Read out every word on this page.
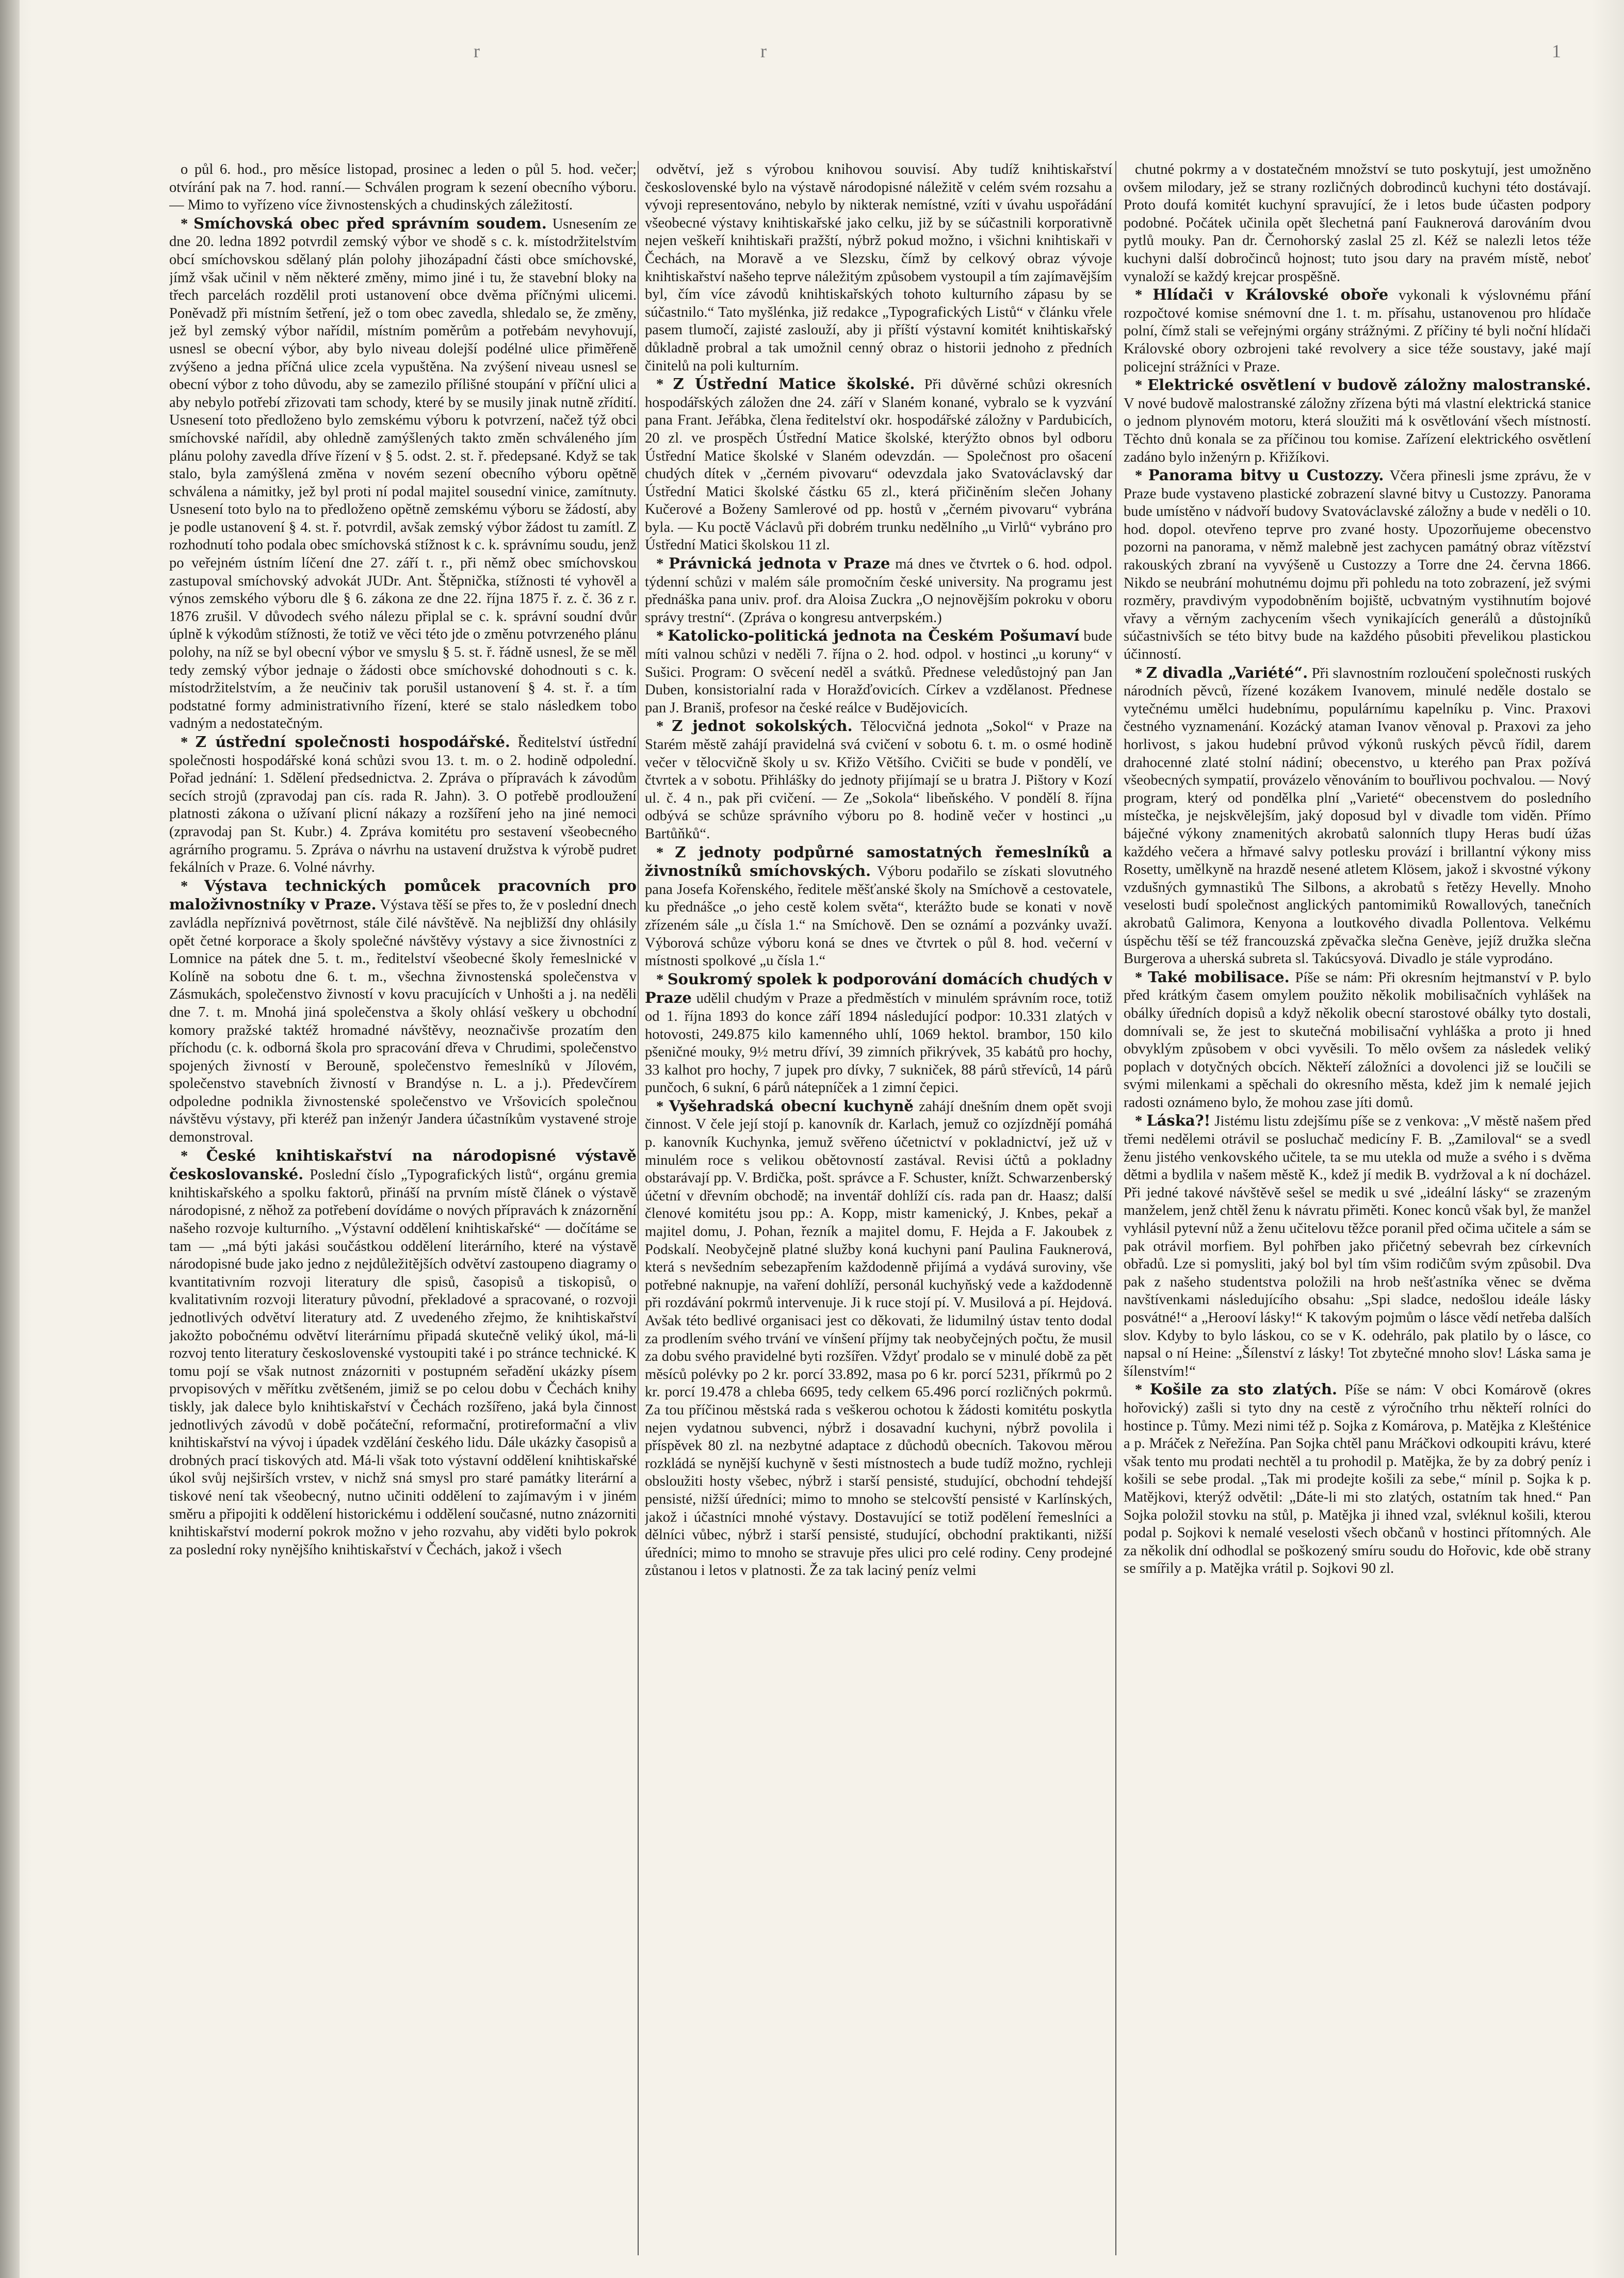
r	r	1

o půl 6. hod., pro měsíce listopad, prosinec a leden o půl 5. hod. večer; otvírání pak na 7. hod. ranní.— Schválen program k sezení obecního výboru.— Mimo to vyřízeno více živnostenských a chudinských záležitostí.

* Smíchovská obec před správním soudem. Usnesením ze dne 20. ledna 1892 potvrdil zemský výbor ve shodě s c. k. místodržitelstvím obcí smíchovskou sdělaný plán polohy jihozápadní části obce smíchovské, jímž však učinil v něm některé změny, mimo jiné i tu, že stavební bloky na třech parcelách rozdělil proti ustanovení obce dvěma příčnými ulicemi. Poněvadž při místním šetření, jež o tom obec zavedla, shledalo se, že změny, jež byl zemský výbor nařídil, místním poměrům a potřebám nevyhovují, usnesl se obecní výbor, aby bylo niveau dolejší podélné ulice přiměřeně zvýšeno a jedna příčná ulice zcela vypuštěna. Na zvýšení niveau usnesl se obecní výbor z toho důvodu, aby se zamezilo přílišné stoupání v příční ulici a aby nebylo potřebí zřizovati tam schody, které by se musily jinak nutně zřídití. Usnesení toto předloženo bylo zemskému výboru k potvrzení, načež týž obci smíchovské nařídil, aby ohledně zamýšlených takto změn schváleného jím plánu polohy zavedla dříve řízení v § 5. odst. 2. st. ř. předepsané. Když se tak stalo, byla zamýšlená změna v novém sezení obecního výboru opětně schválena a námitky, jež byl proti ní podal majitel sousední vinice, zamítnuty. Usnesení toto bylo na to předloženo opětně zemskému výboru se žádostí, aby je podle ustanovení § 4. st. ř. potvrdil, avšak zemský výbor žádost tu zamítl. Z rozhodnutí toho podala obec smíchovská stížnost k c. k. správnímu soudu, jenž po veřejném ústním líčení dne 27. září t. r., při němž obec smíchovskou zastupoval smíchovský advokát JUDr. Ant. Štěpnička, stížnosti té vyhověl a výnos zemského výboru dle § 6. zákona ze dne 22. října 1875 ř. z. č. 36 z r. 1876 zrušil. V důvodech svého nálezu připlal se c. k. správní soudní dvůr úplně k výkodům stížnosti, že totiž ve věci této jde o změnu potvrzeného plánu polohy, na níž se byl obecní výbor ve smyslu § 5. st. ř. řádně usnesl, že se měl tedy zemský výbor jednaje o žádosti obce smíchovské dohodnouti s c. k. místodržitelstvím, a že neučiniv tak porušil ustanovení § 4. st. ř. a tím podstatné formy administrativního řízení, které se stalo následkem tobo vadným a nedostatečným.

* Z ústřední společnosti hospodářské. Ředitelství ústřední společnosti hospodářské koná schůzi svou 13. t. m. o 2. hodině odpolední. Pořad jednání: 1. Sdělení předsednictva. 2. Zpráva o přípravách k závodům secích strojů (zpravodaj pan cís. rada R. Jahn). 3. O potřebě prodloužení platnosti zákona o užívaní plicní nákazy a rozšíření jeho na jiné nemoci (zpravodaj pan St. Kubr.) 4. Zpráva komitétu pro sestavení všeobecného agrárního programu. 5. Zpráva o návrhu na ustavení družstva k výrobě pudret fekálních v Praze. 6. Volné návrhy.

* Výstava technických pomůcek pracovních pro maloživnostníky v Praze. Výstava těší se přes to, že v poslední dnech zavládla nepříznivá povětrnost, stále čilé návštěvě. Na nejbližší dny ohlásily opět četné korporace a školy společné návštěvy výstavy a sice živnostníci z Lomnice na pátek dne 5. t. m., ředitelství všeobecné školy řemeslnické v Kolíně na sobotu dne 6. t. m., všechna živnostenská společenstva v Zásmukách, společenstvo živností v kovu pracujících v Unhošti a j. na neděli dne 7. t. m. Mnohá jiná společenstva a školy ohlásí veškery u obchodní komory pražské taktéž hromadné návštěvy, neoznačivše prozatím den příchodu (c. k. odborná škola pro spracování dřeva v Chrudimi, společenstvo spojených živností v Berouně, společenstvo řemeslníků v Jílovém, společenstvo stavebních živností v Brandýse n. L. a j.). Předevčírem odpoledne podnikla živnostenské společenstvo ve Vršovicích společnou návštěvu výstavy, při kteréž pan inženýr Jandera účastníkům vystavené stroje demonstroval.

* České knihtiskařství na národopisné výstavě českoslovanské. Poslední číslo „Typografických listů“, orgánu gremia knihtiskařského a spolku faktorů, přináší na prvním místě článek o výstavě národopisné, z něhož za potřebení dovídáme o nových přípravách k znázornění našeho rozvoje kulturního. „Výstavní oddělení knihtiskařské“ — dočítáme se tam — „má býti jakási součástkou oddělení literárního, které na výstavě národopisné bude jako jedno z nejdůležitějších odvětví zastoupeno diagramy o kvantitativním rozvoji literatury dle spisů, časopisů a tiskopisů, o kvalitativním rozvoji literatury původní, překladové a spracované, o rozvoji jednotlivých odvětví literatury atd. Z uvedeného zřejmo, že knihtiskařství jakožto pobočnému odvětví literárnímu připadá skutečně veliký úkol, má-li rozvoj tento literatury československé vystoupiti také i po stránce technické. K tomu pojí se však nutnost znázorniti v postupném seřadění ukázky písem prvopisových v měřítku zvětšeném, jimiž se po celou dobu v Čechách knihy tiskly, jak dalece bylo knihtiskařství v Čechách rozšířeno, jaká byla činnost jednotlivých závodů v době počáteční, reformační, protireformační a vliv knihtiskařství na vývoj i úpadek vzdělání českého lidu. Dále ukázky časopisů a drobných prací tiskových atd. Má-li však toto výstavní oddělení knihtiskařské úkol svůj nejširších vrstev, v nichž sná smysl pro staré památky literární a tiskové není tak všeobecný, nutno učiniti oddělení to zajímavým i v jiném směru a připojiti k oddělení historickému i oddělení současné, nutno znázorniti knihtiskařství moderní pokrok možno v jeho rozvahu, aby viděti bylo pokrok za poslední roky nynějšího knihtiskařství v Čechách, jakož i všech

odvětví, jež s výrobou knihovou souvisí. Aby tudíž knihtiskařství československé bylo na výstavě národopisné náležitě v celém svém rozsahu a vývoji representováno, nebylo by nikterak nemístné, vzíti v úvahu uspořádání všeobecné výstavy knihtiskařské jako celku, již by se súčastnili korporativně nejen veškeří knihtiskaři pražští, nýbrž pokud možno, i všichni knihtiskaři v Čechách, na Moravě a ve Slezsku, čímž by celkový obraz vývoje knihtiskařství našeho teprve náležitým způsobem vystoupil a tím zajímavějším byl, čím více závodů knihtiskařských tohoto kulturního zápasu by se súčastnilo.“ Tato myšlénka, již redakce „Typografických Listů“ v článku vřele pasem tlumočí, zajisté zaslouží, aby ji příští výstavní komitét knihtiskařský důkladně probral a tak umožnil cenný obraz o historii jednoho z předních činitelů na poli kulturním.

* Z Ústřední Matice školské. Při důvěrné schůzi okresních hospodářských záložen dne 24. září v Slaném konané, vybralo se k vyzvání pana Frant. Jeřábka, člena ředitelství okr. hospodářské záložny v Pardubicích, 20 zl. ve prospěch Ústřední Matice školské, kterýžto obnos byl odboru Ústřední Matice školské v Slaném odevzdán. — Společnost pro ošacení chudých dítek v „černém pivovaru“ odevzdala jako Svatováclavský dar Ústřední Matici školské částku 65 zl., která přičiněním slečen Johany Kučerové a Boženy Samlerové od pp. hostů v „černém pivovaru“ vybrána byla. — Ku poctě Václavů při dobrém trunku nedělního „u Virlů“ vybráno pro Ústřední Matici školskou 11 zl.

* Právnická jednota v Praze má dnes ve čtvrtek o 6. hod. odpol. týdenní schůzi v malém sále promočním české university. Na programu jest přednáška pana univ. prof. dra Aloisa Zuckra „O nejnovějším pokroku v oboru správy trestní“. (Zpráva o kongresu antverpském.)

* Katolicko-politická jednota na Českém Pošumaví bude míti valnou schůzi v neděli 7. října o 2. hod. odpol. v hostinci „u koruny“ v Sušici. Program: O svěcení neděl a svátků. Přednese veledůstojný pan Jan Duben, konsistorialní rada v Horažďovicích. Církev a vzdělanost. Přednese pan J. Braniš, profesor na české reálce v Budějovicích.

* Z jednot sokolských. Tělocvičná jednota „Sokol“ v Praze na Starém městě zahájí pravidelná svá cvičení v sobotu 6. t. m. o osmé hodině večer v tělocvičně školy u sv. Křižo Většího. Cvičiti se bude v pondělí, ve čtvrtek a v sobotu. Přihlášky do jednoty přijímají se u bratra J. Pištory v Kozí ul. č. 4 n., pak při cvičení. — Ze „Sokola“ libeňského. V pondělí 8. října odbývá se schůze správního výboru po 8. hodině večer v hostinci „u Bartůňků“.

* Z jednoty podpůrné samostatných řemeslníků a živnostníků smíchovských. Výboru podařilo se získati slovutného pana Josefa Kořenského, ředitele měšťanské školy na Smíchově a cestovatele, ku přednášce „o jeho cestě kolem světa“, kterážto bude se konati v nově zřízeném sále „u čísla 1.“ na Smíchově. Den se oznámí a pozvánky uvaží. Výborová schůze výboru koná se dnes ve čtvrtek o půl 8. hod. večerní v místnosti spolkové „u čísla 1.“

* Soukromý spolek k podporování domácích chudých v Praze udělil chudým v Praze a předměstích v minulém správním roce, totiž od 1. října 1893 do konce září 1894 následující podpor: 10.331 zlatých v hotovosti, 249.875 kilo kamenného uhlí, 1069 hektol. brambor, 150 kilo pšeničné mouky, 9½ metru dříví, 39 zimních přikrývek, 35 kabátů pro hochy, 33 kalhot pro hochy, 7 jupek pro dívky, 7 sukniček, 88 párů střevíců, 14 párů punčoch, 6 sukní, 6 párů nátepníček a 1 zimní čepici.

* Vyšehradská obecní kuchyně zahájí dnešním dnem opět svoji činnost. V čele její stojí p. kanovník dr. Karlach, jemuž co ozjízdnějí pomáhá p. kanovník Kuchynka, jemuž svěřeno účetnictví v pokladnictví, jež už v minulém roce s velikou obětovností zastával. Revisi účtů a pokladny obstarávají pp. V. Brdička, pošt. správce a F. Schuster, knížt. Schwarzenberský účetní v dřevním obchodě; na inventář dohlíží cís. rada pan dr. Haasz; další členové komitétu jsou pp.: A. Kopp, mistr kamenický, J. Knbes, pekař a majitel domu, J. Pohan, řezník a majitel domu, F. Hejda a F. Jakoubek z Podskalí. Neobyčejně platné služby koná kuchyni paní Paulina Fauknerová, která s nevšedním sebezapřením každodenně přijímá a vydává suroviny, vše potřebné naknupje, na vaření dohlíží, personál kuchyňský vede a každodenně při rozdávání pokrmů intervenuje. Ji k ruce stojí pí. V. Musilová a pí. Hejdová. Avšak této bedlivé organisaci jest co děkovati, že lidumilný ústav tento dodal za prodlením svého trvání ve vínšení příjmy tak neobyčejných počtu, že musil za dobu svého pravidelné byti rozšířen. Vždyť prodalo se v minulé době za pět měsíců polévky po 2 kr. porcí 33.892, masa po 6 kr. porcí 5231, příkrmů po 2 kr. porcí 19.478 a chleba 6695, tedy celkem 65.496 porcí rozličných pokrmů. Za tou příčinou městská rada s veškerou ochotou k žádosti komitétu poskytla nejen vydatnou subvenci, nýbrž i dosavadní kuchyni, nýbrž povolila i příspěvek 80 zl. na nezbytné adaptace z důchodů obecních. Takovou měrou rozkládá se nynější kuchyně v šesti místnostech a bude tudíž možno, rychleji obsloužiti hosty všebec, nýbrž i starší pensisté, studující, obchodní tehdejší pensisté, nižší úředníci; mimo to mnoho se stelcovští pensisté v Karlínských, jakož i účastníci mnohé výstavy. Dostavující se totiž podělení řemeslníci a dělníci vůbec, nýbrž i starší pensisté, studující, obchodní praktikanti, nižší úředníci; mimo to mnoho se stravuje přes ulici pro celé rodiny. Ceny prodejné zůstanou i letos v platnosti. Že za tak laciný peníz velmi

chutné pokrmy a v dostatečném množství se tuto poskytují, jest umožněno ovšem milodary, jež se strany rozličných dobrodinců kuchyni této dostávají. Proto doufá komitét kuchyní spravující, že i letos bude účasten podpory podobné. Počátek učinila opět šlechetná paní Fauknerová darováním dvou pytlů mouky. Pan dr. Černohorský zaslal 25 zl. Kéž se nalezli letos téže kuchyni další dobročinců hojnost; tuto jsou dary na pravém místě, neboť vynaloží se každý krejcar prospěšně.

* Hlídači v Královské oboře vykonali k výslovnému přání rozpočtové komise snémovní dne 1. t. m. přísahu, ustanovenou pro hlídače polní, čímž stali se veřejnými orgány strážnými. Z příčiny té byli noční hlídači Královské obory ozbrojeni také revolvery a sice téže soustavy, jaké mají policejní strážníci v Praze.

* Elektrické osvětlení v budově záložny malostranské. V nové budově malostranské záložny zřízena býti má vlastní elektrická stanice o jednom plynovém motoru, která sloužiti má k osvětlování všech místností. Těchto dnů konala se za příčinou tou komise. Zařízení elektrického osvětlení zadáno bylo inženýrn p. Křižíkovi.

* Panorama bitvy u Custozzy. Včera přinesli jsme zprávu, že v Praze bude vystaveno plastické zobrazení slavné bitvy u Custozzy. Panorama bude umístěno v nádvoří budovy Svatováclavské záložny a bude v neděli o 10. hod. dopol. otevřeno teprve pro zvané hosty. Upozorňujeme obecenstvo pozorni na panorama, v němž malebně jest zachycen památný obraz vítězství rakouských zbraní na vyvýšeně u Custozzy a Torre dne 24. června 1866. Nikdo se neubrání mohutnému dojmu při pohledu na toto zobrazení, jež svými rozměry, pravdivým vypodobněním bojiště, ucbvatným vystihnutím bojové vřavy a věrným zachycením všech vynikajících generálů a důstojníků súčastnivších se této bitvy bude na každého působiti převelikou plastickou účinností.

* Z divadla „Variété“. Při slavnostním rozloučení společnosti ruských národních pěvců, řízené kozákem Ivanovem, minulé neděle dostalo se vytečnému umělci hudebnímu, populárnímu kapelníku p. Vinc. Praxovi čestného vyznamenání. Kozácký ataman Ivanov věnoval p. Praxovi za jeho horlivost, s jakou hudební průvod výkonů ruských pěvců řídil, darem drahocenné zlaté stolní nádiní; obecenstvo, u kterého pan Prax požívá všeobecných sympatií, provázelo věnováním to bouřlivou pochvalou. — Nový program, který od pondělka plní „Varieté“ obecenstvem do posledního místečka, je nejskvělejším, jaký doposud byl v divadle tom viděn. Přímo báječné výkony znamenitých akrobatů salonních tlupy Heras budí úžas každého večera a hřmavé salvy potlesku provází i brillantní výkony miss Rosetty, umělkyně na hrazdě nesené atletem Klösem, jakož i skvostné výkony vzdušných gymnastiků The Silbons, a akrobatů s řetězy Hevelly. Mnoho veselosti budí společnost anglických pantomimiků Rowallových, tanečních akrobatů Galimora, Kenyona a loutkového divadla Pollentova. Velkému úspěchu těší se též francouzská zpěvačka slečna Genève, jejíž družka slečna Burgerova a uherská subreta sl. Takúcsyová. Divadlo je stále vyprodáno.

* Také mobilisace. Píše se nám: Při okresním hejtmanství v P. bylo před krátkým časem omylem použito několik mobilisačních vyhlášek na obálky úředních dopisů a když několik obecní starostové obálky tyto dostali, domnívali se, že jest to skutečná mobilisační vyhláška a proto ji hned obvyklým způsobem v obci vyvěsili. To mělo ovšem za následek veliký poplach v dotyčných obcích. Někteří záložníci a dovolenci již se loučili se svými milenkami a spěchali do okresního města, kdež jim k nemalé jejich radosti oznámeno bylo, že mohou zase jíti domů.

* Láska?! Jistému listu zdejšímu píše se z venkova: „V městě našem před třemi nedělemi otrávil se posluchač medicíny F. B. „Zamiloval“ se a svedl ženu jistého venkovského učitele, ta se mu utekla od muže a svého i s dvěma dětmi a bydlila v našem městě K., kdež jí medik B. vydržoval a k ní docházel. Při jedné takové návštěvě sešel se medik u své „ideální lásky“ se zrazeným manželem, jenž chtěl ženu k návratu přiměti. Konec konců však byl, že manžel vyhlásil pytevní nůž a ženu učitelovu těžce poranil před očima učitele a sám se pak otrávil morfiem. Byl pohřben jako přičetný sebevrah bez církevních obřadů. Lze si pomysliti, jaký bol byl tím všim rodičům svým způsobil. Dva pak z našeho studentstva položili na hrob nešťastníka věnec se dvěma navštívenkami následujícího obsahu: „Spi sladce, nedošlou ideále lásky posvátné!“ a „Herooví lásky!“ K takovým pojmům o lásce vědí netřeba dalších slov. Kdyby to bylo láskou, co se v K. odehrálo, pak platilo by o lásce, co napsal o ní Heine: „Šílenství z lásky! Tot zbytečné mnoho slov! Láska sama je šílenstvím!“

* Košile za sto zlatých. Píše se nám: V obci Komárově (okres hořovický) zašli si tyto dny na cestě z výročního trhu někteří rolníci do hostince p. Tůmy. Mezi nimi též p. Sojka z Komárova, p. Matějka z Klešténice a p. Mráček z Neřežína. Pan Sojka chtěl panu Mráčkovi odkoupiti krávu, které však tento mu prodati nechtěl a tu prohodil p. Matějka, že by za dobrý peníz i košili se sebe prodal. „Tak mi prodejte košili za sebe,“ mínil p. Sojka k p. Matějkovi, kterýž odvětil: „Dáte-li mi sto zlatých, ostatním tak hned.“ Pan Sojka položil stovku na stůl, p. Matějka ji ihned vzal, svléknul košili, kterou podal p. Sojkovi k nemalé veselosti všech občanů v hostinci přítomných. Ale za několik dní odhodlal se poškozený smíru soudu do Hořovic, kde obě strany se smířily a p. Matějka vrátil p. Sojkovi 90 zl.
